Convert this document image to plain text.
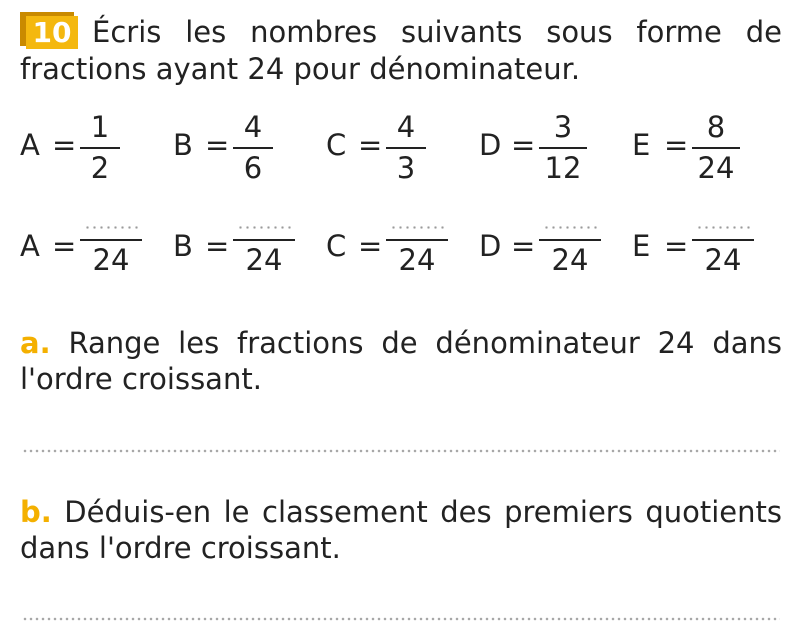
10 Écris les nombres suivants sous forme de
fractions ayant 24 pour dénominateur.
A =
1
2
B =
4
6
C =
4
3
D =
3
12
E =
8
24
A = 24	B = 24	C = 24	D = 24	E = 24
a. Range les fractions de dénominateur 24 dans
l'ordre croissant.
b. Déduis-en le classement des premiers quotients
dans l'ordre croissant.
